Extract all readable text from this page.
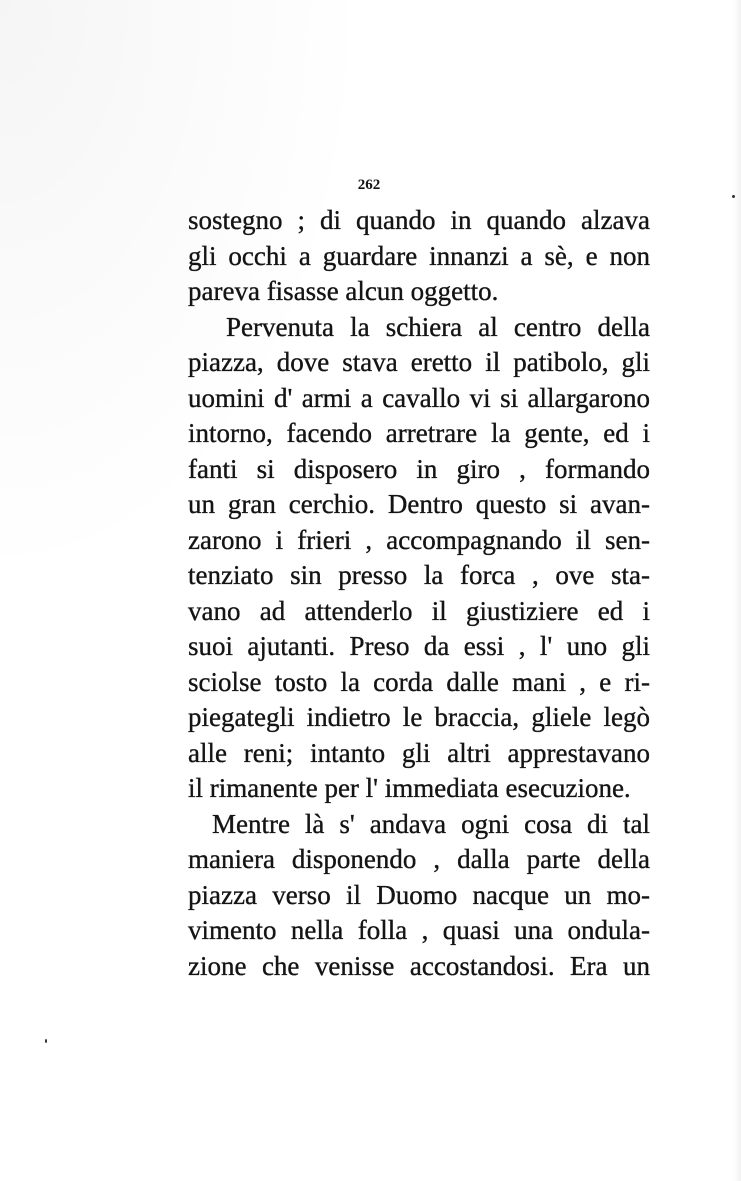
262
sostegno ; di quando in quando alzava
gli occhi a guardare innanzi a sè, e non
pareva fisasse alcun oggetto.
Pervenuta la schiera al centro della
piazza, dove stava eretto il patibolo, gli
uomini d' armi a cavallo vi si allargarono
intorno, facendo arretrare la gente, ed i
fanti si disposero in giro , formando
un gran cerchio. Dentro questo si avan-
zarono i frieri , accompagnando il sen-
tenziato sin presso la forca , ove sta-
vano ad attenderlo il giustiziere ed i
suoi ajutanti. Preso da essi , l' uno gli
sciolse tosto la corda dalle mani , e ri-
piegategli indietro le braccia, gliele legò
alle reni; intanto gli altri apprestavano
il rimanente per l' immediata esecuzione.
Mentre là s' andava ogni cosa di tal
maniera disponendo , dalla parte della
piazza verso il Duomo nacque un mo-
vimento nella folla , quasi una ondula-
zione che venisse accostandosi. Era un
